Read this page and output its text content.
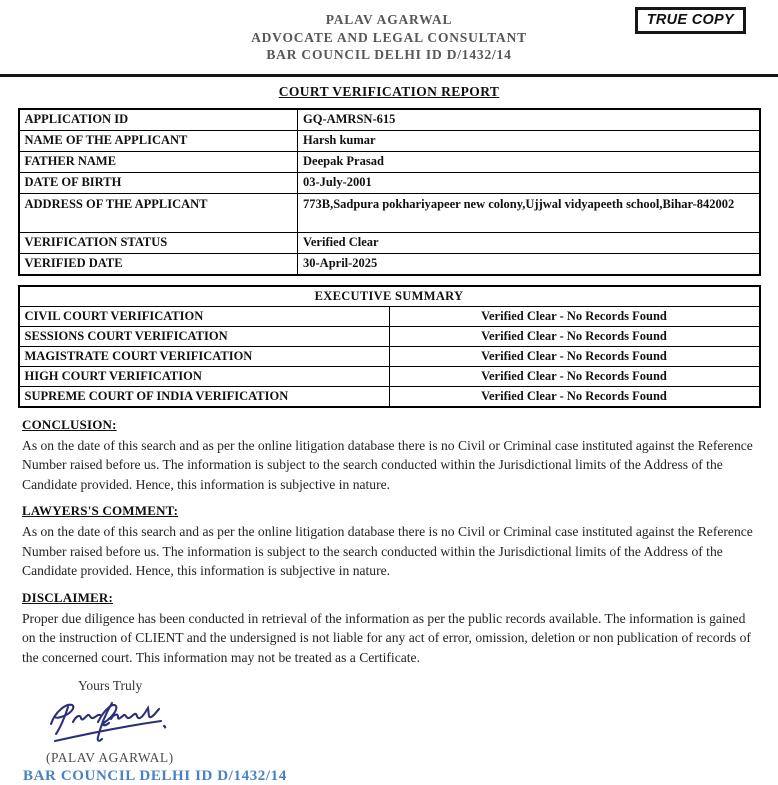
PALAV AGARWAL
ADVOCATE AND LEGAL CONSULTANT
BAR COUNCIL DELHI ID D/1432/14
TRUE COPY
COURT VERIFICATION REPORT
APPLICATION ID	GQ-AMRSN-615
NAME OF THE APPLICANT	Harsh kumar
FATHER NAME	Deepak Prasad
DATE OF BIRTH	03-July-2001
ADDRESS OF THE APPLICANT	773B,Sadpura pokhariyapeer new colony,Ujjwal vidyapeeth school,Bihar-842002
VERIFICATION STATUS	Verified Clear
VERIFIED DATE	30-April-2025
EXECUTIVE SUMMARY	
CIVIL COURT VERIFICATION	Verified Clear - No Records Found
SESSIONS COURT VERIFICATION	Verified Clear - No Records Found
MAGISTRATE COURT VERIFICATION	Verified Clear - No Records Found
HIGH COURT VERIFICATION	Verified Clear - No Records Found
SUPREME COURT OF INDIA VERIFICATION	Verified Clear - No Records Found
CONCLUSION:
As on the date of this search and as per the online litigation database there is no Civil or Criminal case instituted against the Reference Number raised before us. The information is subject to the search conducted within the Jurisdictional limits of the Address of the Candidate provided. Hence, this information is subjective in nature.
LAWYERS'S COMMENT:
As on the date of this search and as per the online litigation database there is no Civil or Criminal case instituted against the Reference Number raised before us. The information is subject to the search conducted within the Jurisdictional limits of the Address of the Candidate provided. Hence, this information is subjective in nature.
DISCLAIMER:
Proper due diligence has been conducted in retrieval of the information as per the public records available. The information is gained on the instruction of CLIENT and the undersigned is not liable for any act of error, omission, deletion or non publication of records of the concerned court. This information may not be treated as a Certificate.
Yours Truly
(PALAV AGARWAL)
BAR COUNCIL DELHI ID D/1432/14
